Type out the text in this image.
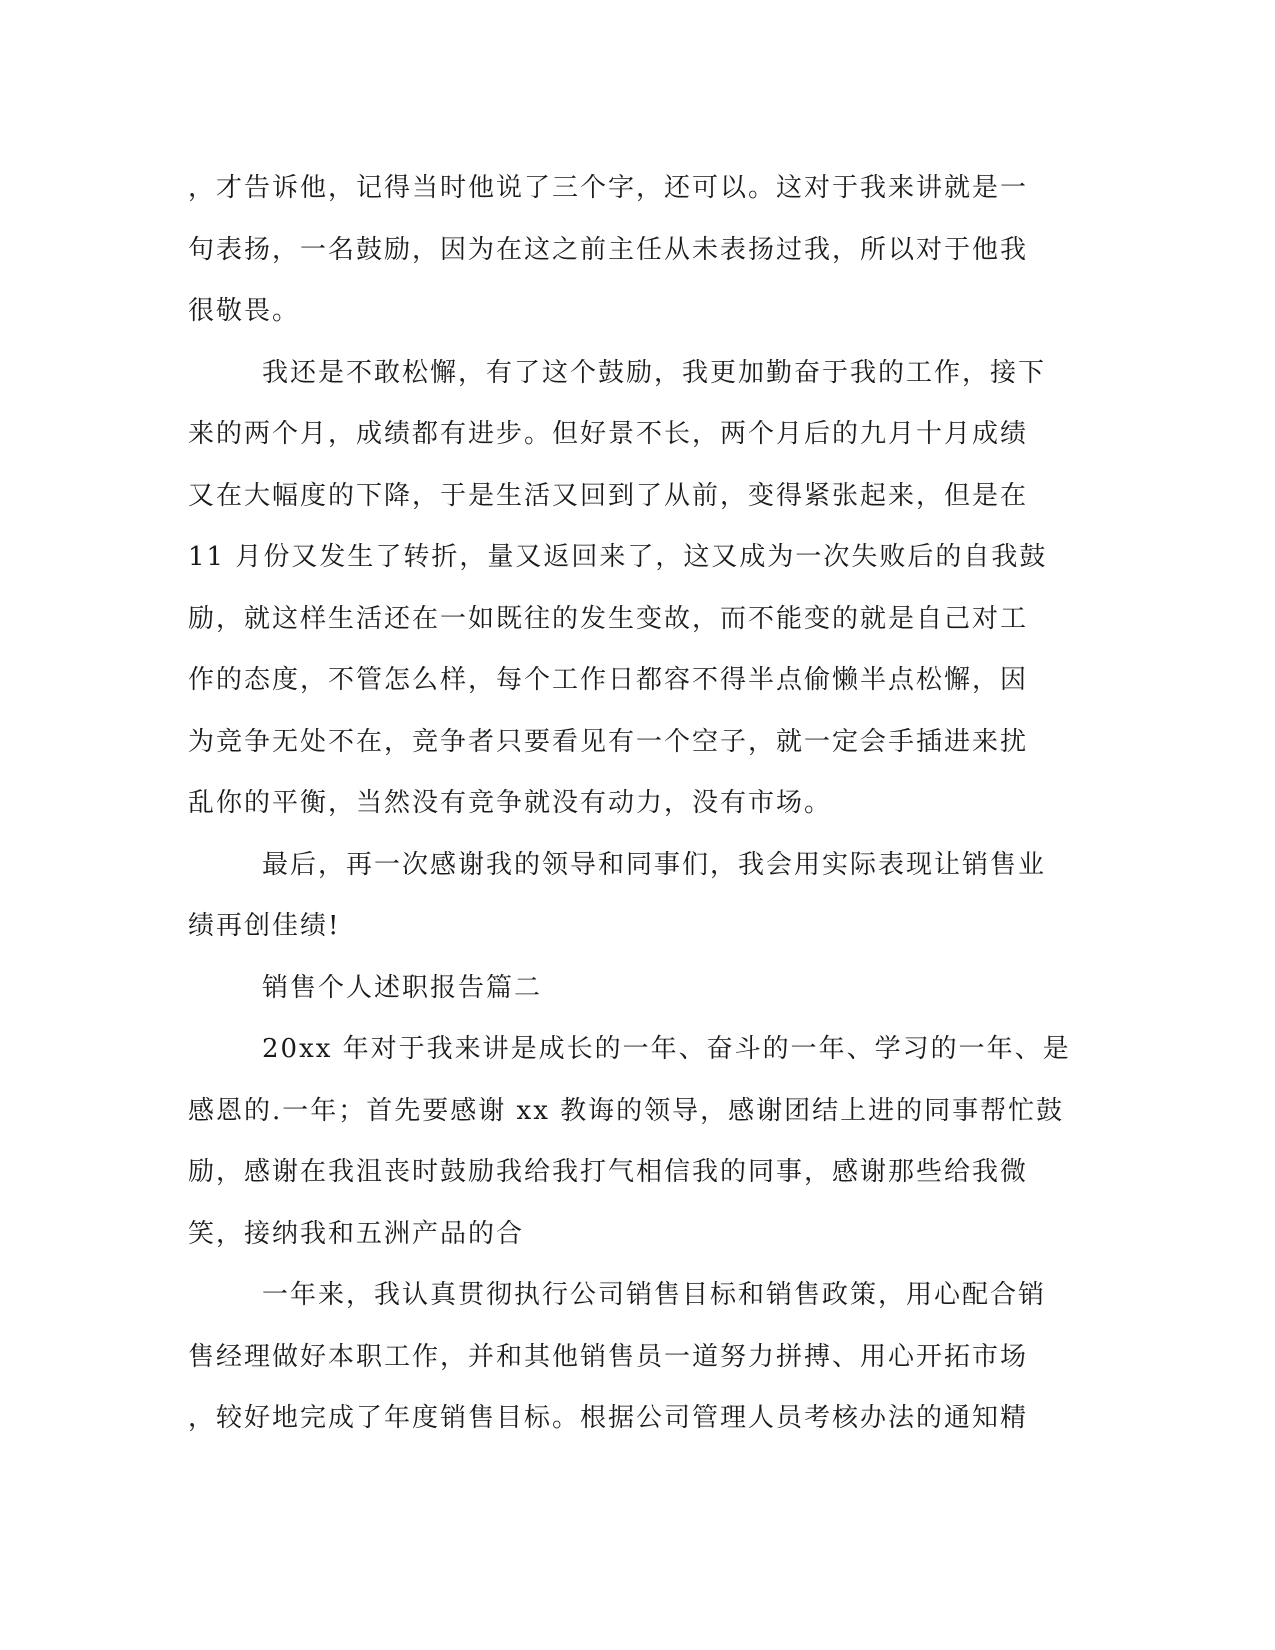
，才告诉他，记得当时他说了三个字，还可以。这对于我来讲就是一
句表扬，一名鼓励，因为在这之前主任从未表扬过我，所以对于他我
很敬畏。
我还是不敢松懈，有了这个鼓励，我更加勤奋于我的工作，接下
来的两个月，成绩都有进步。但好景不长，两个月后的九月十月成绩
又在大幅度的下降，于是生活又回到了从前，变得紧张起来，但是在
11 月份又发生了转折，量又返回来了，这又成为一次失败后的自我鼓
励，就这样生活还在一如既往的发生变故，而不能变的就是自己对工
作的态度，不管怎么样，每个工作日都容不得半点偷懒半点松懈，因
为竞争无处不在，竞争者只要看见有一个空子，就一定会手插进来扰
乱你的平衡，当然没有竞争就没有动力，没有市场。
最后，再一次感谢我的领导和同事们，我会用实际表现让销售业
绩再创佳绩!
销售个人述职报告篇二
20xx 年对于我来讲是成长的一年、奋斗的一年、学习的一年、是
感恩的.一年；首先要感谢 xx 教诲的领导，感谢团结上进的同事帮忙鼓
励，感谢在我沮丧时鼓励我给我打气相信我的同事，感谢那些给我微
笑，接纳我和五洲产品的合
一年来，我认真贯彻执行公司销售目标和销售政策，用心配合销
售经理做好本职工作，并和其他销售员一道努力拼搏、用心开拓市场
，较好地完成了年度销售目标。根据公司管理人员考核办法的通知精
